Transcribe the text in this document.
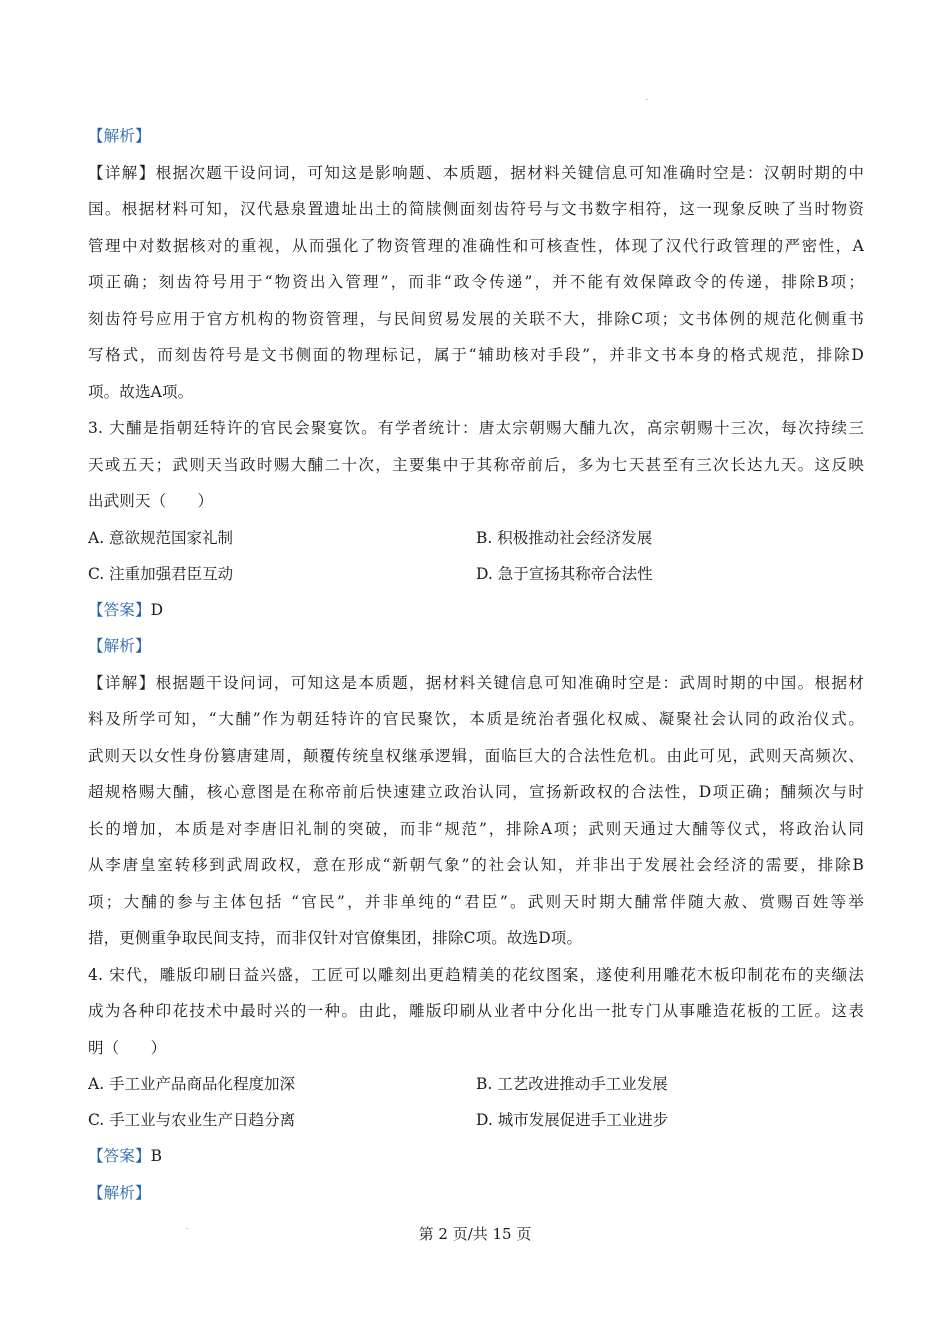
【解析】
【详解】根据次题干设问词，可知这是影响题、本质题，据材料关键信息可知准确时空是：汉朝时期的中
国。根据材料可知，汉代悬泉置遗址出土的简牍侧面刻齿符号与文书数字相符，这一现象反映了当时物资
管理中对数据核对的重视，从而强化了物资管理的准确性和可核查性，体现了汉代行政管理的严密性，A
项正确；刻齿符号用于“物资出入管理”，而非“政令传递”，并不能有效保障政令的传递，排除B项；
刻齿符号应用于官方机构的物资管理，与民间贸易发展的关联不大，排除C项；文书体例的规范化侧重书
写格式，而刻齿符号是文书侧面的物理标记，属于“辅助核对手段”，并非文书本身的格式规范，排除D
项。故选A项。
3. 大酺是指朝廷特许的官民会聚宴饮。有学者统计：唐太宗朝赐大酺九次，高宗朝赐十三次，每次持续三
天或五天；武则天当政时赐大酺二十次，主要集中于其称帝前后，多为七天甚至有三次长达九天。这反映
出武则天（　　）
A. 意欲规范国家礼制	B. 积极推动社会经济发展
C. 注重加强君臣互动	D. 急于宣扬其称帝合法性
【答案】D
【解析】
【详解】根据题干设问词，可知这是本质题，据材料关键信息可知准确时空是：武周时期的中国。根据材
料及所学可知，“大酺”作为朝廷特许的官民聚饮，本质是统治者强化权威、凝聚社会认同的政治仪式。
武则天以女性身份篡唐建周，颠覆传统皇权继承逻辑，面临巨大的合法性危机。由此可见，武则天高频次、
超规格赐大酺，核心意图是在称帝前后快速建立政治认同，宣扬新政权的合法性，D项正确；酺频次与时
长的增加，本质是对李唐旧礼制的突破，而非“规范”，排除A项；武则天通过大酺等仪式，将政治认同
从李唐皇室转移到武周政权，意在形成“新朝气象”的社会认知，并非出于发展社会经济的需要，排除B
项；大酺的参与主体包括 “官民”，并非单纯的“君臣”。武则天时期大酺常伴随大赦、赏赐百姓等举
措，更侧重争取民间支持，而非仅针对官僚集团，排除C项。故选D项。
4. 宋代，雕版印刷日益兴盛，工匠可以雕刻出更趋精美的花纹图案，遂使利用雕花木板印制花布的夹缬法
成为各种印花技术中最时兴的一种。由此，雕版印刷从业者中分化出一批专门从事雕造花板的工匠。这表
明（　　）
A. 手工业产品商品化程度加深	B. 工艺改进推动手工业发展
C. 手工业与农业生产日趋分离	D. 城市发展促进手工业进步
【答案】B
【解析】
第 2 页/共 15 页
